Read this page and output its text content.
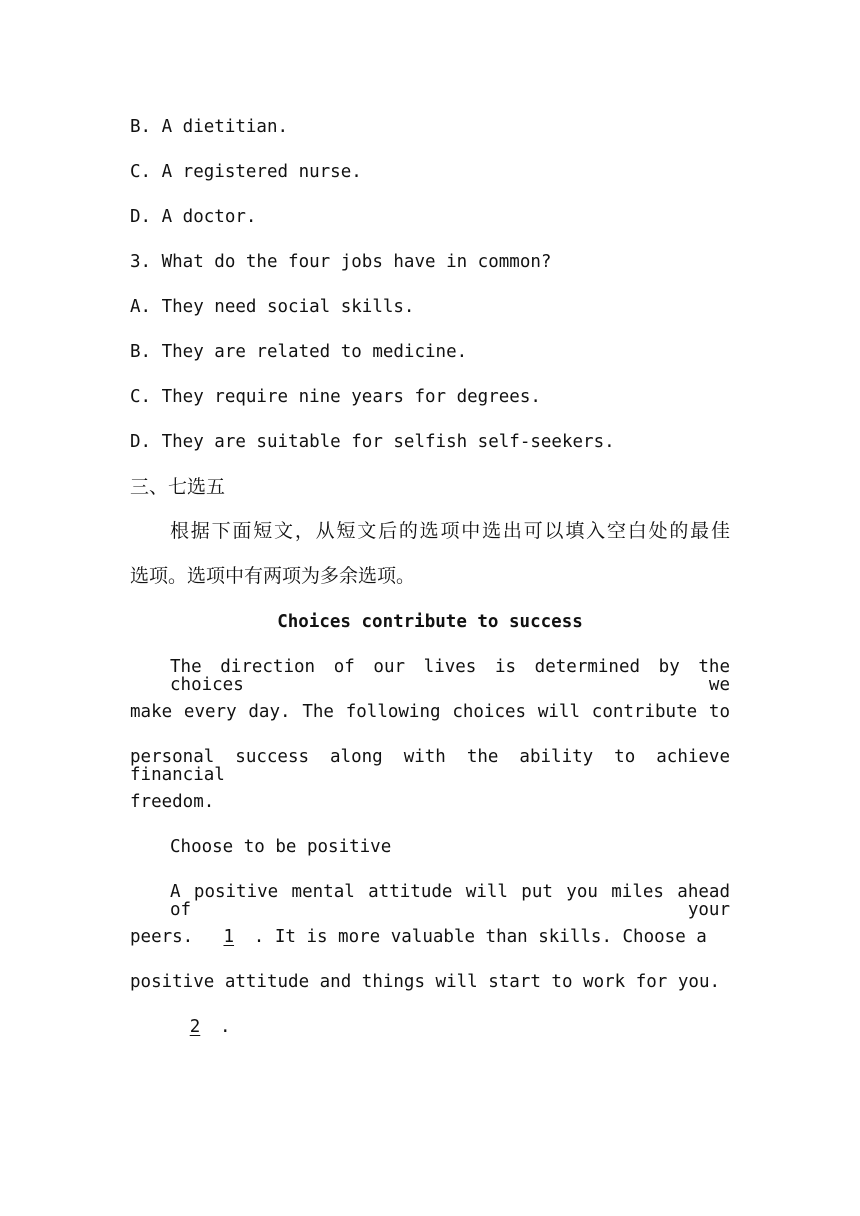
B. A dietitian.
C. A registered nurse.
D. A doctor.
3. What do the four jobs have in common?
A. They need social skills.
B. They are related to medicine.
C. They require nine years for degrees.
D. They are suitable for selfish self-seekers.
三、七选五
根据下面短文，从短文后的选项中选出可以填入空白处的最佳
选项。选项中有两项为多余选项。
Choices contribute to success
The direction of our lives is determined by the choices we
make every day. The following choices will contribute to
personal success along with the ability to achieve financial
freedom.
Choose to be positive
A positive mental attitude will put you miles ahead of your
peers. 1 . It is more valuable than skills. Choose a
positive attitude and things will start to work for you.
2 .
